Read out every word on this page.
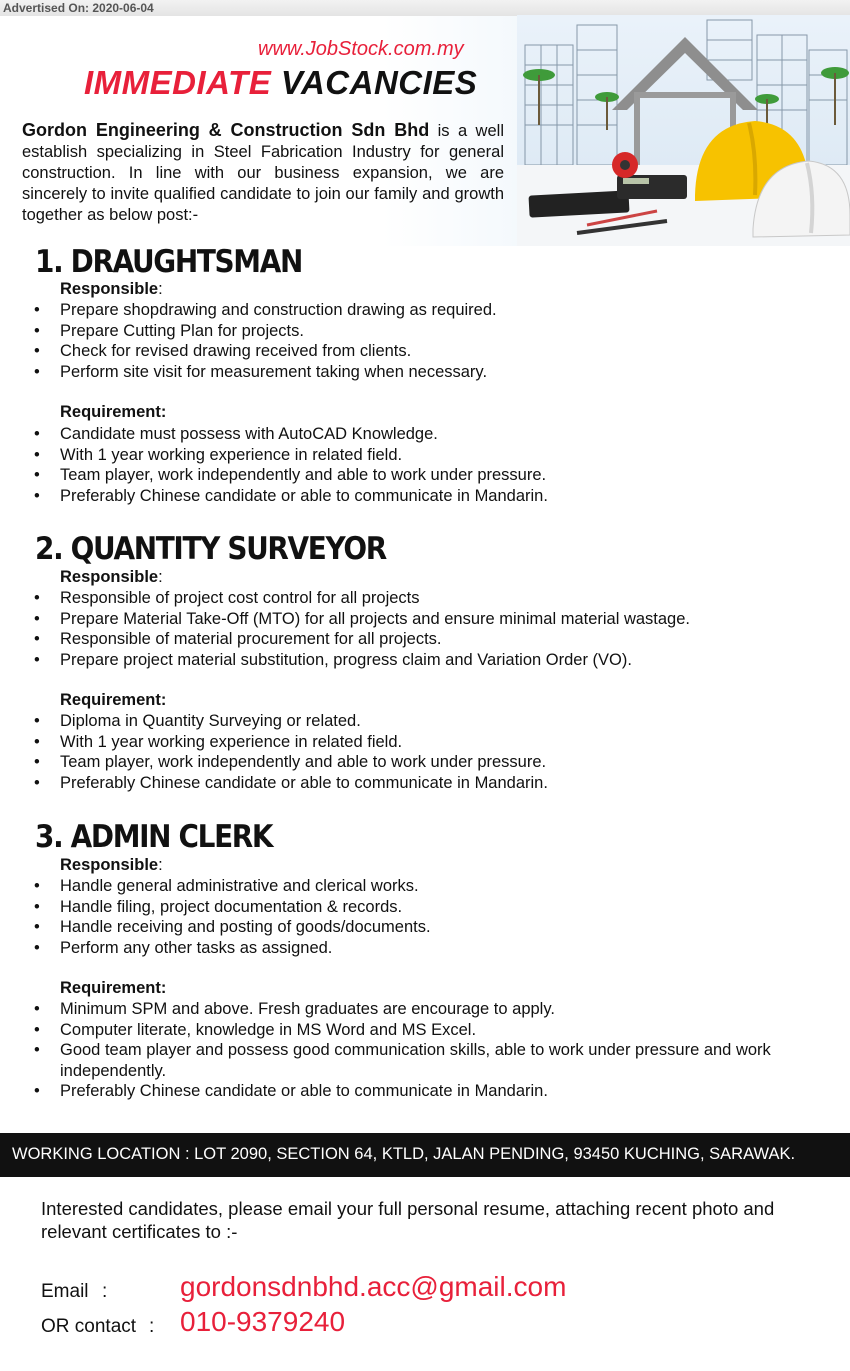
Advertised On: 2020-06-04
www.JobStock.com.my
IMMEDIATE VACANCIES
Gordon Engineering & Construction Sdn Bhd is a well establish specializing in Steel Fabrication Industry for general construction. In line with our business expansion, we are sincerely to invite qualified candidate to join our family and growth together as below post:-
1. DRAUGHTSMAN
Responsible:
• Prepare shopdrawing and construction drawing as required.
• Prepare Cutting Plan for projects.
• Check for revised drawing received from clients.
• Perform site visit for measurement taking when necessary.
Requirement:
• Candidate must possess with AutoCAD Knowledge.
• With 1 year working experience in related field.
• Team player, work independently and able to work under pressure.
• Preferably Chinese candidate or able to communicate in Mandarin.
2. QUANTITY SURVEYOR
Responsible:
• Responsible of project cost control for all projects
• Prepare Material Take-Off (MTO) for all projects and ensure minimal material wastage.
• Responsible of material procurement for all projects.
• Prepare project material substitution, progress claim and Variation Order (VO).
Requirement:
• Diploma in Quantity Surveying or related.
• With 1 year working experience in related field.
• Team player, work independently and able to work under pressure.
• Preferably Chinese candidate or able to communicate in Mandarin.
3. ADMIN CLERK
Responsible:
• Handle general administrative and clerical works.
• Handle filing, project documentation & records.
• Handle receiving and posting of goods/documents.
• Perform any other tasks as assigned.
Requirement:
• Minimum SPM and above. Fresh graduates are encourage to apply.
• Computer literate, knowledge in MS Word and MS Excel.
• Good team player and possess good communication skills, able to work under pressure and work independently.
• Preferably Chinese candidate or able to communicate in Mandarin.
WORKING LOCATION : LOT 2090, SECTION 64, KTLD, JALAN PENDING, 93450 KUCHING, SARAWAK.
Interested candidates, please email your full personal resume, attaching recent photo and relevant certificates to :-
Email :	gordonsdnbhd.acc@gmail.com
OR contact : 010-9379240
